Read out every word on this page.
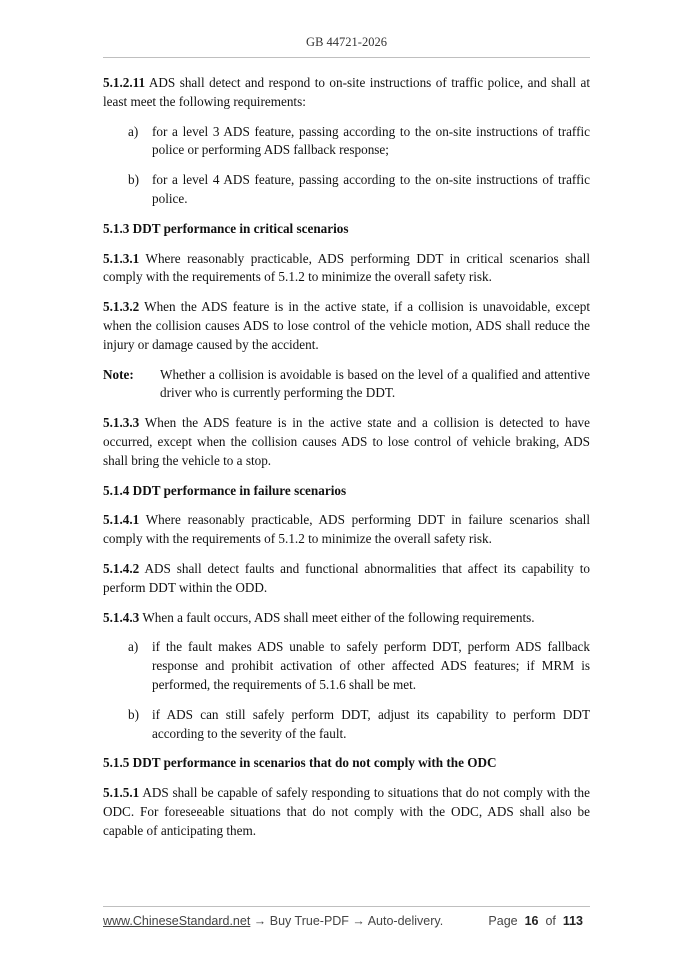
GB 44721-2026

5.1.2.11 ADS shall detect and respond to on-site instructions of traffic police, and shall at least meet the following requirements:

a)	for a level 3 ADS feature, passing according to the on-site instructions of traffic police or performing ADS fallback response;
b) for a level 4 ADS feature, passing according to the on-site instructions of traffic police.
5.1.3 DDT performance in critical scenarios

5.1.3.1 Where reasonably practicable, ADS performing DDT in critical scenarios shall comply with the requirements of 5.1.2 to minimize the overall safety risk.

5.1.3.2 When the ADS feature is in the active state, if a collision is unavoidable, except when the collision causes ADS to lose control of the vehicle motion, ADS shall reduce the injury or damage caused by the accident.

Note:	Whether a collision is avoidable is based on the level of a qualified and attentive driver who is currently performing the DDT.

5.1.3.3 When the ADS feature is in the active state and a collision is detected to have occurred, except when the collision causes ADS to lose control of vehicle braking, ADS shall bring the vehicle to a stop.

5.1.4 DDT performance in failure scenarios

5.1.4.1 Where reasonably practicable, ADS performing DDT in failure scenarios shall comply with the requirements of 5.1.2 to minimize the overall safety risk.

5.1.4.2 ADS shall detect faults and functional abnormalities that affect its capability to perform DDT within the ODD.

5.1.4.3 When a fault occurs, ADS shall meet either of the following requirements.

a)	if the fault makes ADS unable to safely perform DDT, perform ADS fallback response and prohibit activation of other affected ADS features; if MRM is performed, the requirements of 5.1.6 shall be met.
b) if ADS can still safely perform DDT, adjust its capability to perform DDT according to the severity of the fault.
5.1.5 DDT performance in scenarios that do not comply with the ODC

5.1.5.1 ADS shall be capable of safely responding to situations that do not comply with the ODC. For foreseeable situations that do not comply with the ODC, ADS shall also be capable of anticipating them.

www.ChineseStandard.net → Buy True-PDF → Auto-delivery.	Page 16 of 113
